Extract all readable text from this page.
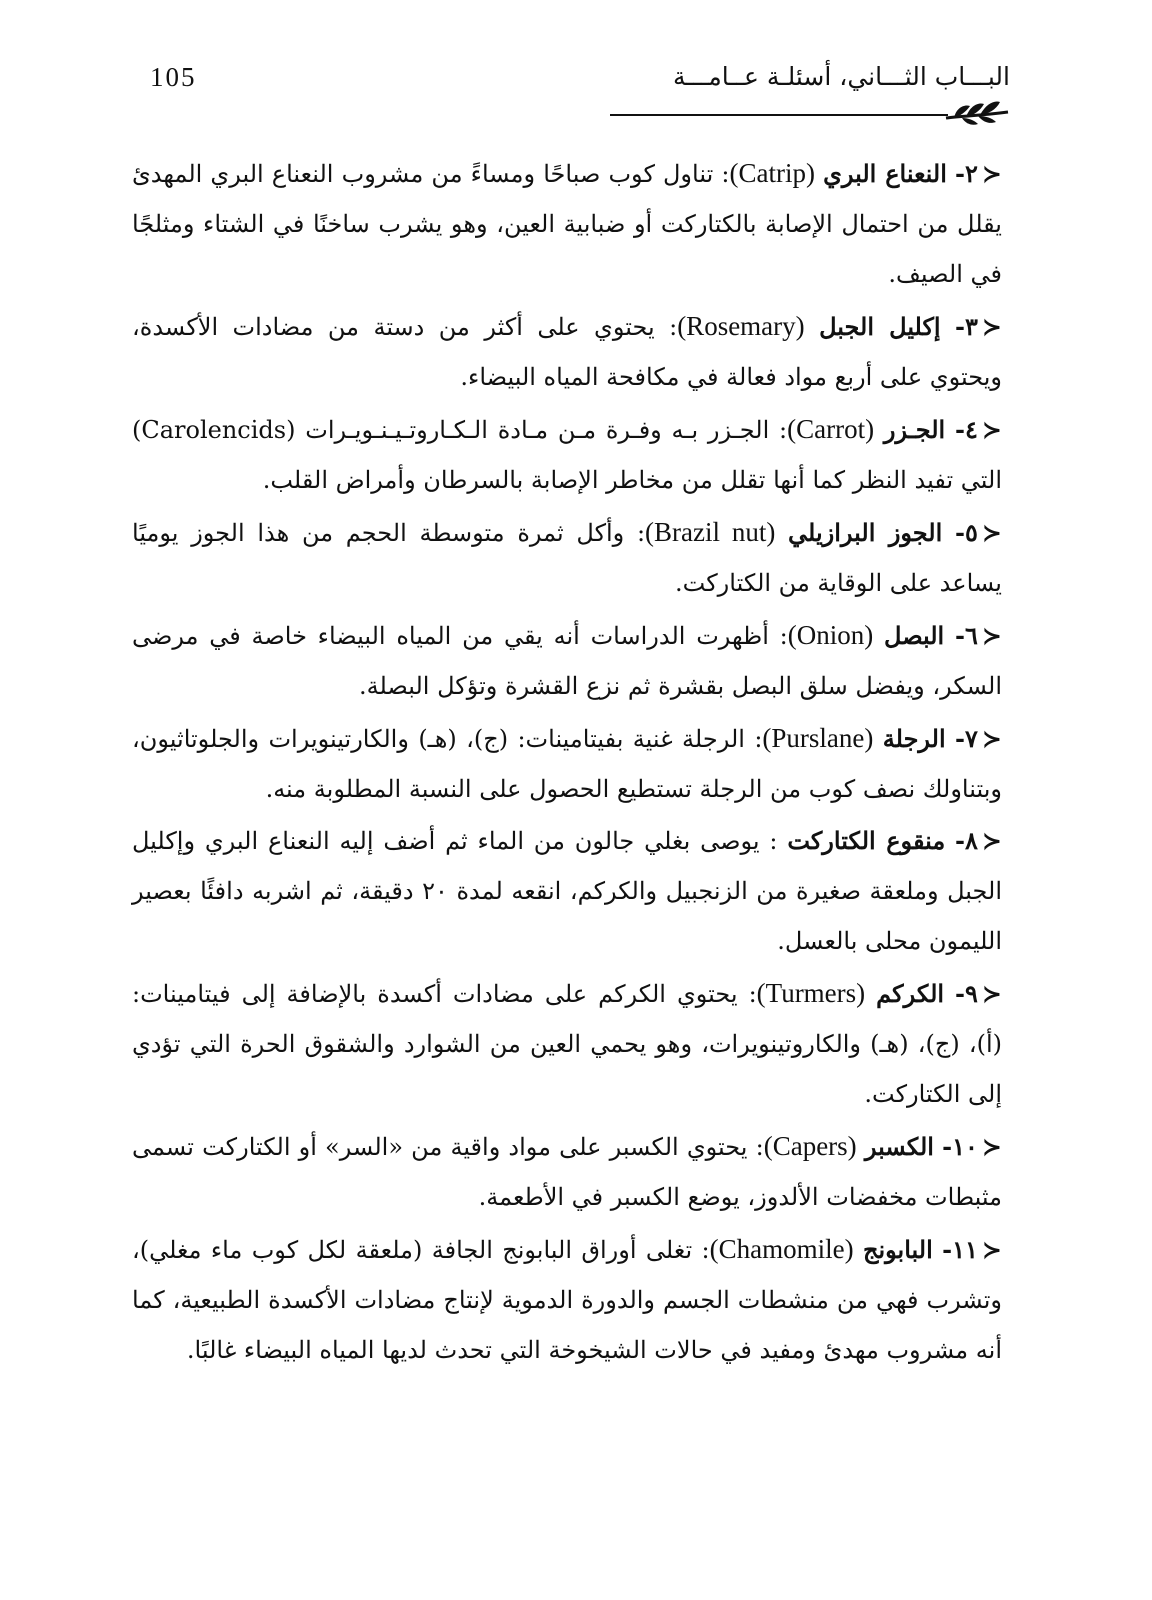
105	البـــاب الثـــاني، أسئلـة عــامـــة

≺٢- النعناع البري (Catrip): تناول كوب صباحًا ومساءً من مشروب النعناع البري المهدئ يقلل من احتمال الإصابة بالكتاركت أو ضبابية العين، وهو يشرب ساخنًا في الشتاء ومثلجًا في الصيف.

≺٣- إكليل الجبل (Rosemary): يحتوي على أكثر من دستة من مضادات الأكسدة، ويحتوي على أربع مواد فعالة في مكافحة المياه البيضاء.

≺٤- الجـزر (Carrot): الجـزر بـه وفـرة مـن مـادة الـكـاروتـيـنـويـرات (Carolencids) التي تفيد النظر كما أنها تقلل من مخاطر الإصابة بالسرطان وأمراض القلب.

≺٥- الجوز البرازيلي (Brazil nut): وأكل ثمرة متوسطة الحجم من هذا الجوز يوميًا يساعد على الوقاية من الكتاركت.

≺٦- البصل (Onion): أظهرت الدراسات أنه يقي من المياه البيضاء خاصة في مرضى السكر، ويفضل سلق البصل بقشرة ثم نزع القشرة وتؤكل البصلة.

≺٧- الرجلة (Purslane): الرجلة غنية بفيتامينات: (ج)، (هـ) والكارتينويرات والجلوتاثيون، وبتناولك نصف كوب من الرجلة تستطيع الحصول على النسبة المطلوبة منه.

≺٨- منقوع الكتاركت : يوصى بغلي جالون من الماء ثم أضف إليه النعناع البري وإكليل الجبل وملعقة صغيرة من الزنجبيل والكركم، انقعه لمدة ٢٠ دقيقة، ثم اشربه دافئًا بعصير الليمون محلى بالعسل.

≺٩- الكركم (Turmers): يحتوي الكركم على مضادات أكسدة بالإضافة إلى فيتامينات: (أ)، (ج)، (هـ) والكاروتينويرات، وهو يحمي العين من الشوارد والشقوق الحرة التي تؤدي إلى الكتاركت.

≺١٠- الكسبر (Capers): يحتوي الكسبر على مواد واقية من «السر» أو الكتاركت تسمى مثبطات مخفضات الألدوز، يوضع الكسبر في الأطعمة.

≺١١- البابونج (Chamomile): تغلى أوراق البابونج الجافة (ملعقة لكل كوب ماء مغلي)، وتشرب فهي من منشطات الجسم والدورة الدموية لإنتاج مضادات الأكسدة الطبيعية، كما أنه مشروب مهدئ ومفيد في حالات الشيخوخة التي تحدث لديها المياه البيضاء غالبًا.
